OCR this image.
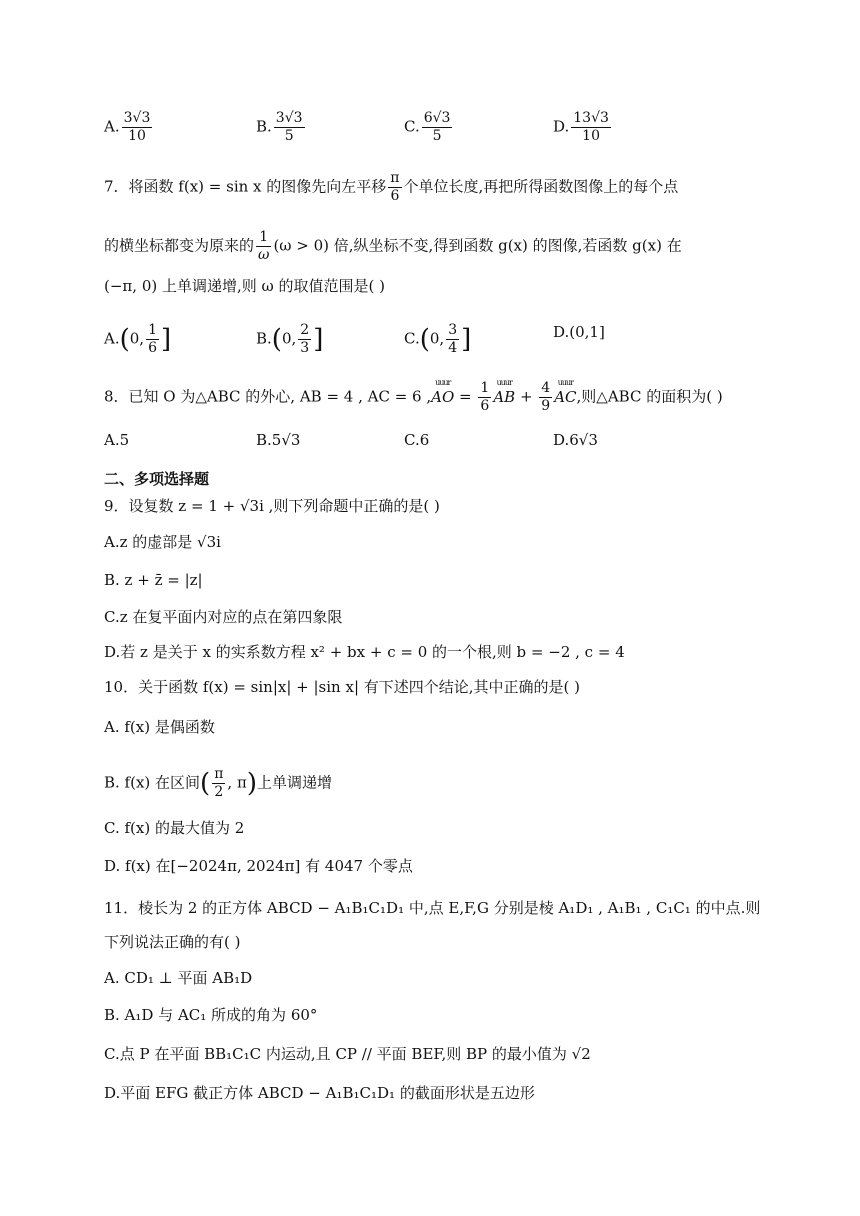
A. $\frac{3√3}{10}$	B. $\frac{3√3}{5}$	C. $\frac{6√3}{5}$	D. $\frac{13√3}{10}$
7．将函数 f(x) = sin x 的图像先向左平移 $\frac{\pi}{6}$ 个单位长度,再把所得函数图像上的每个点
的横坐标都变为原来的 $\frac{1}{\omega} (\omega > 0)$ 倍,纵坐标不变,得到函数 g(x) 的图像,若函数 g(x) 在
(−π, 0) 上单调递增,则 ω 的取值范围是( )
A.(0, $\frac{1}{6}$ ]	B.(0, $\frac{2}{3}$ ]	C.(0, $\frac{3}{4}$ ]	D.(0,1]
8．已知 O 为△ABC 的外心, AB = 4 , AC = 6 ,
uuur
AO = $\frac{1}{6}$ uuur
AB + $\frac{4}{9}$ uuur
AC,则△ABC 的面积为( )
A.5	B.5√3	C.6	D.6√3
二、多项选择题
9．设复数 z = 1 + √3i ,则下列命题中正确的是( )
A.z 的虚部是 √3i
B. z + z̄ = |z|
C.z 在复平面内对应的点在第四象限
D.若 z 是关于 x 的实系数方程 x² + bx + c = 0 的一个根,则 b = −2 , c = 4
10．关于函数 f(x) = sin|x| + |sin x| 有下述四个结论,其中正确的是( )
A. f(x) 是偶函数
B. f(x) 在区间( $\frac{\pi}{2}$ , π)上单调递增
C. f(x) 的最大值为 2
D. f(x) 在[−2024π, 2024π] 有 4047 个零点
11．棱长为 2 的正方体 ABCD − A₁B₁C₁D₁ 中,点 E,F,G 分别是棱 A₁D₁ , A₁B₁ , C₁C₁ 的中点.则
下列说法正确的有( )
A. CD₁ ⊥ 平面 AB₁D
B. A₁D 与 AC₁ 所成的角为 60°
C.点 P 在平面 BB₁C₁C 内运动,且 CP // 平面 BEF,则 BP 的最小值为 √2
D.平面 EFG 截正方体 ABCD − A₁B₁C₁D₁ 的截面形状是五边形
